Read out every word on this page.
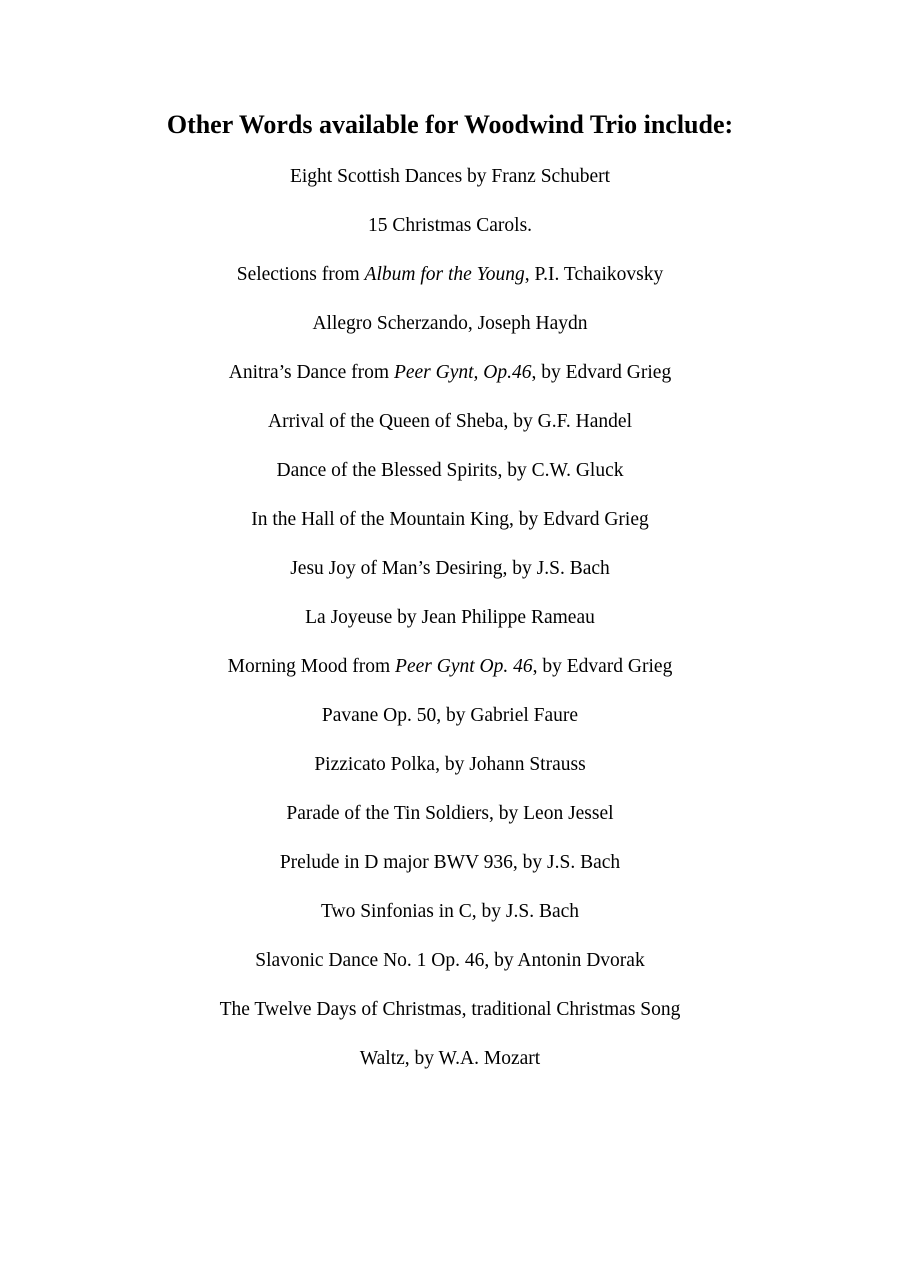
Other Words available for Woodwind Trio include:
Eight Scottish Dances by Franz Schubert
15 Christmas Carols.
Selections from Album for the Young, P.I. Tchaikovsky
Allegro Scherzando, Joseph Haydn
Anitra’s Dance from Peer Gynt, Op.46, by Edvard Grieg
Arrival of the Queen of Sheba, by G.F. Handel
Dance of the Blessed Spirits, by C.W. Gluck
In the Hall of the Mountain King, by Edvard Grieg
Jesu Joy of Man’s Desiring, by J.S. Bach
La Joyeuse by Jean Philippe Rameau
Morning Mood from Peer Gynt Op. 46, by Edvard Grieg
Pavane Op. 50, by Gabriel Faure
Pizzicato Polka, by Johann Strauss
Parade of the Tin Soldiers, by Leon Jessel
Prelude in D major BWV 936, by J.S. Bach
Two Sinfonias in C, by J.S. Bach
Slavonic Dance No. 1 Op. 46, by Antonin Dvorak
The Twelve Days of Christmas, traditional Christmas Song
Waltz, by W.A. Mozart
